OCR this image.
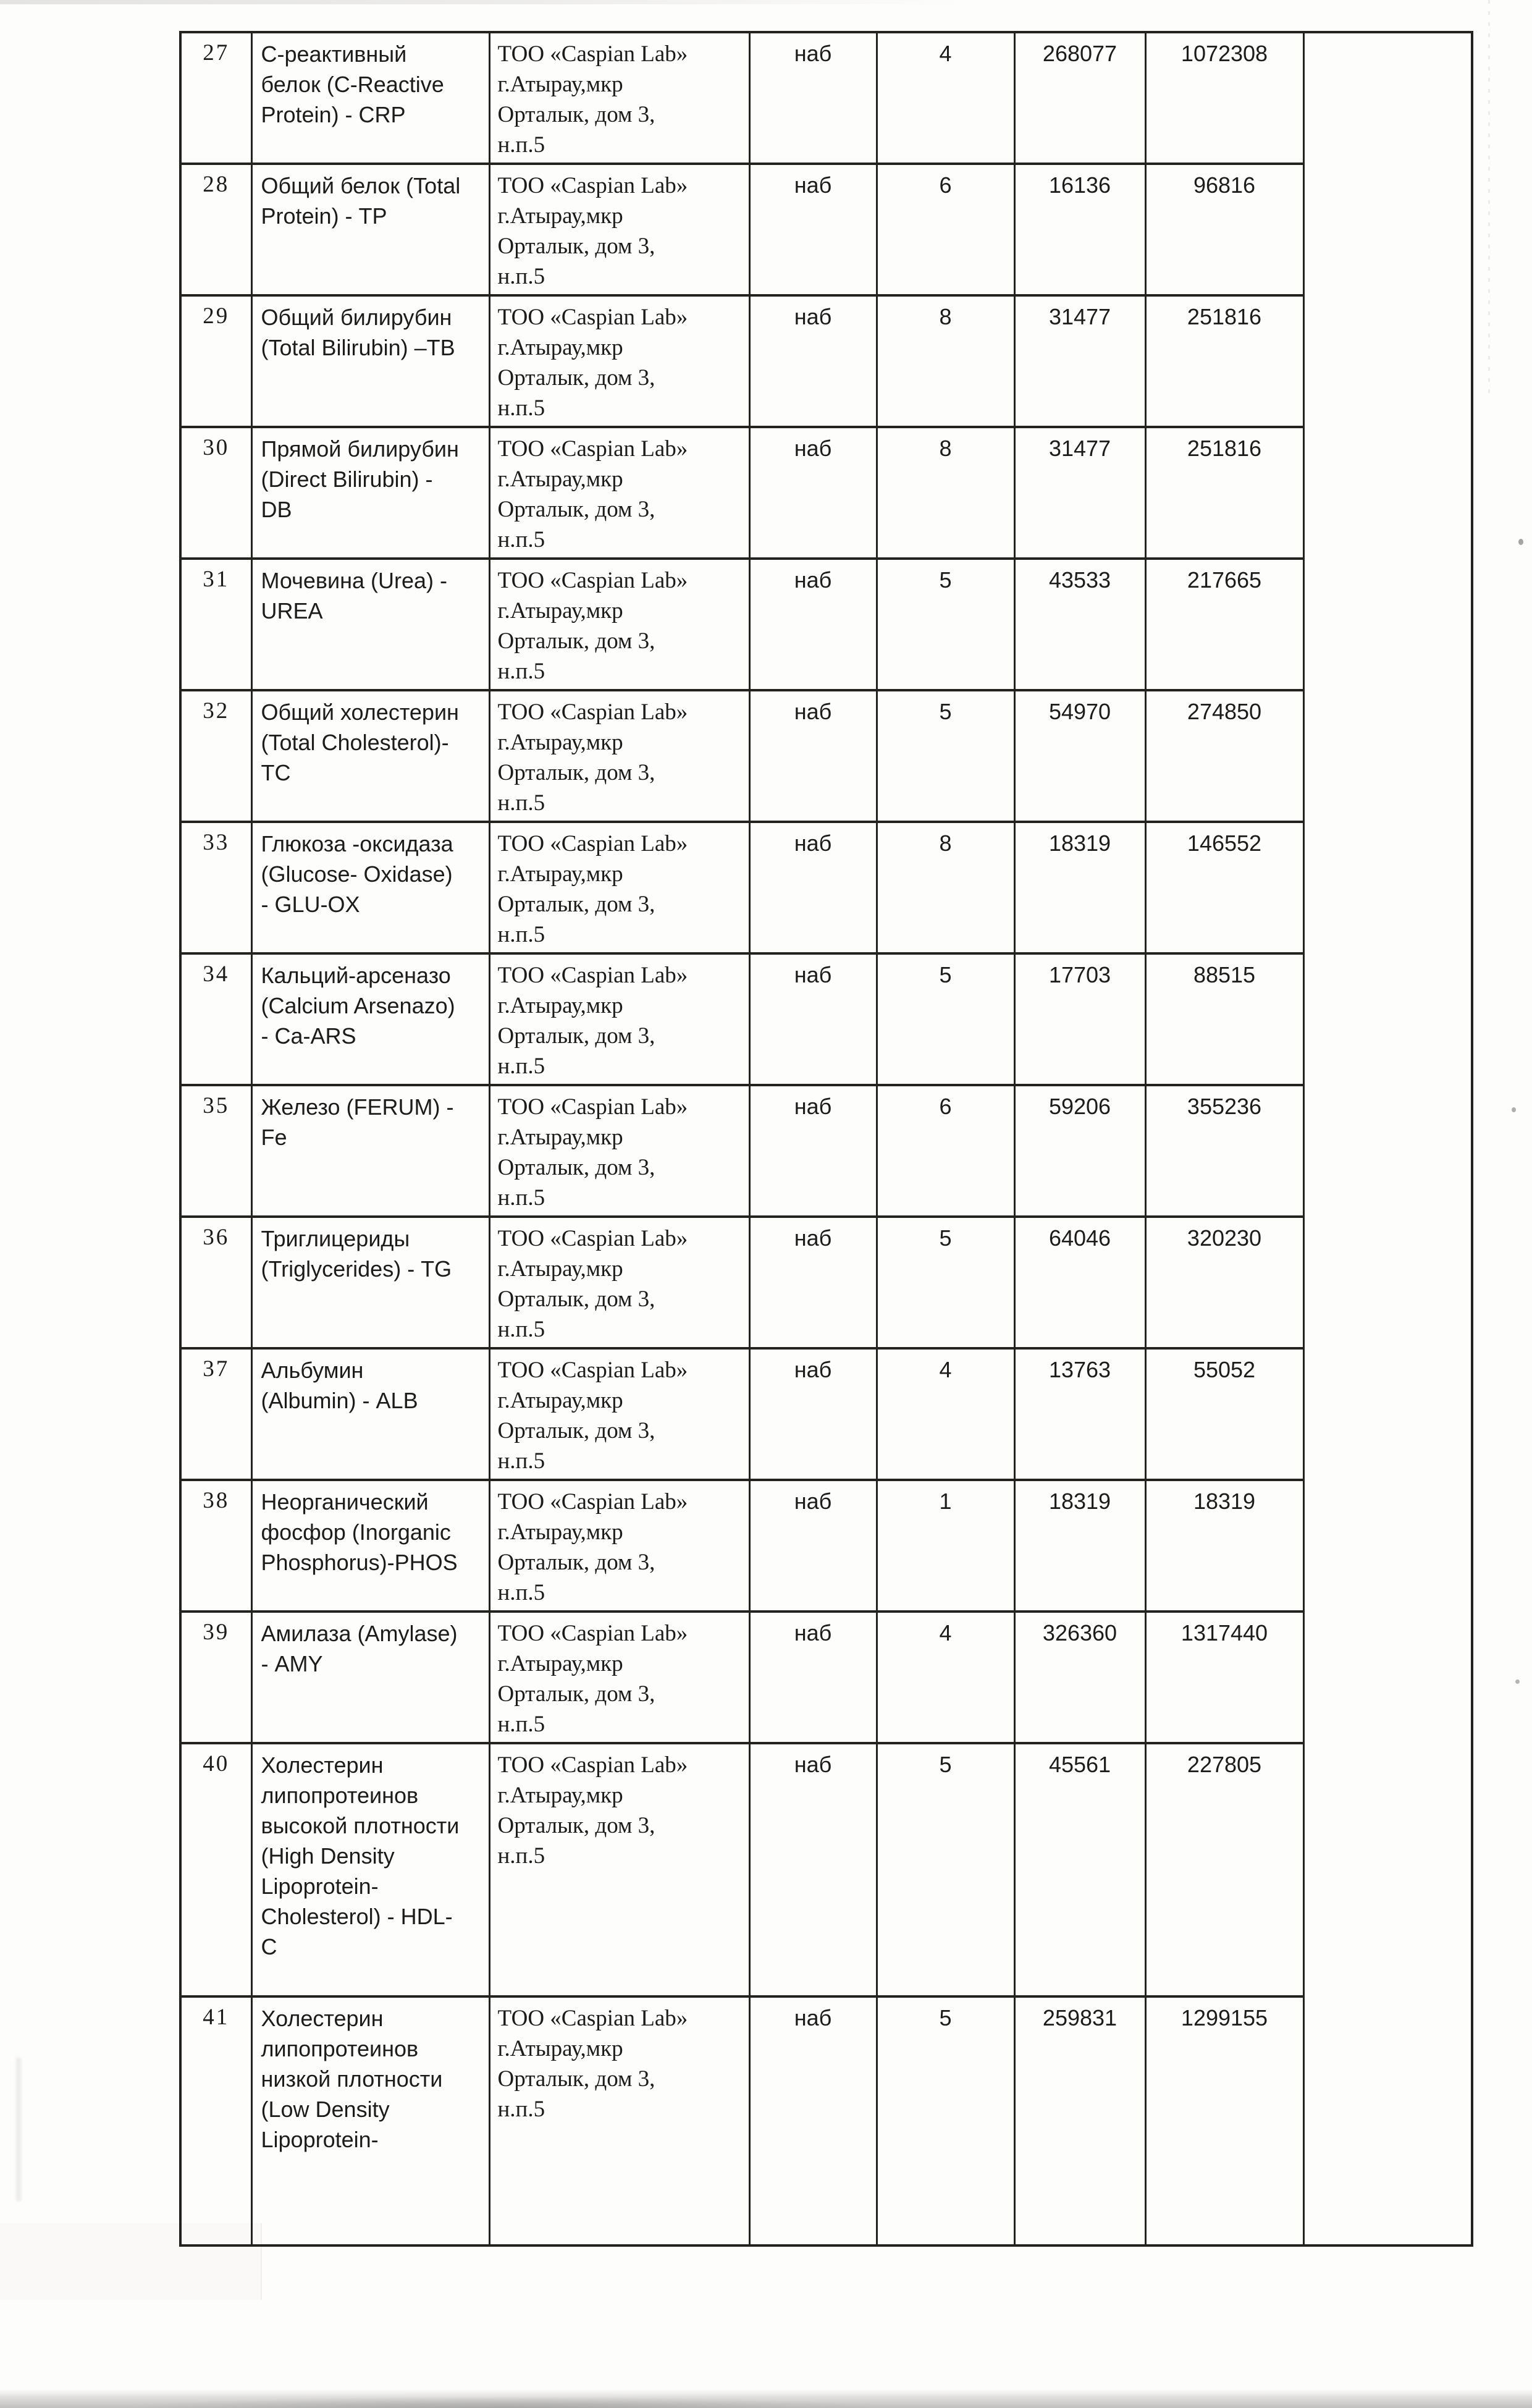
27	С-реактивный белок (C-Reactive Protein) - CRP	ТОО «Caspian Lab»
г.Атырау,мкр
Орталык, дом 3,
н.п.5	наб	4	268077	1072308	
28	Общий белок (Total Protein) - TP	ТОО «Caspian Lab»
г.Атырау,мкр
Орталык, дом 3,
н.п.5	наб	6	16136	96816	
29	Общий билирубин (Total Bilirubin) –TB	ТОО «Caspian Lab»
г.Атырау,мкр
Орталык, дом 3,
н.п.5	наб	8	31477	251816	
30	Прямой билирубин (Direct Bilirubin) - DB	ТОО «Caspian Lab»
г.Атырау,мкр
Орталык, дом 3,
н.п.5	наб	8	31477	251816	
31	Мочевина (Urea) - UREA	ТОО «Caspian Lab»
г.Атырау,мкр
Орталык, дом 3,
н.п.5	наб	5	43533	217665	
32	Общий холестерин (Total Cholesterol)- TC	ТОО «Caspian Lab»
г.Атырау,мкр
Орталык, дом 3,
н.п.5	наб	5	54970	274850	
33	Глюкоза -оксидаза (Glucose- Oxidase) - GLU-OX	ТОО «Caspian Lab»
г.Атырау,мкр
Орталык, дом 3,
н.п.5	наб	8	18319	146552	
34	Кальций-арсеназо (Calcium Arsenazo) - Ca-ARS	ТОО «Caspian Lab»
г.Атырау,мкр
Орталык, дом 3,
н.п.5	наб	5	17703	88515	
35	Железо (FERUM) - Fe	ТОО «Caspian Lab»
г.Атырау,мкр
Орталык, дом 3,
н.п.5	наб	6	59206	355236	
36	Триглицериды (Triglycerides) - TG	ТОО «Caspian Lab»
г.Атырау,мкр
Орталык, дом 3,
н.п.5	наб	5	64046	320230	
37	Альбумин (Albumin) - ALB	ТОО «Caspian Lab»
г.Атырау,мкр
Орталык, дом 3,
н.п.5	наб	4	13763	55052	
38	Неорганический фосфор (Inorganic Phosphorus)-PHOS	ТОО «Caspian Lab»
г.Атырау,мкр
Орталык, дом 3,
н.п.5	наб	1	18319	18319	
39	Амилаза (Amylase) - AMY	ТОО «Caspian Lab»
г.Атырау,мкр
Орталык, дом 3,
н.п.5	наб	4	326360	1317440	
40	Холестерин липопротеинов высокой плотности (High Density Lipoprotein-Cholesterol) - HDL-C	ТОО «Caspian Lab»
г.Атырау,мкр
Орталык, дом 3,
н.п.5	наб	5	45561	227805	
41	Холестерин липопротеинов низкой плотности (Low Density Lipoprotein-	ТОО «Caspian Lab»
г.Атырау,мкр
Орталык, дом 3,
н.п.5	наб	5	259831	1299155	
